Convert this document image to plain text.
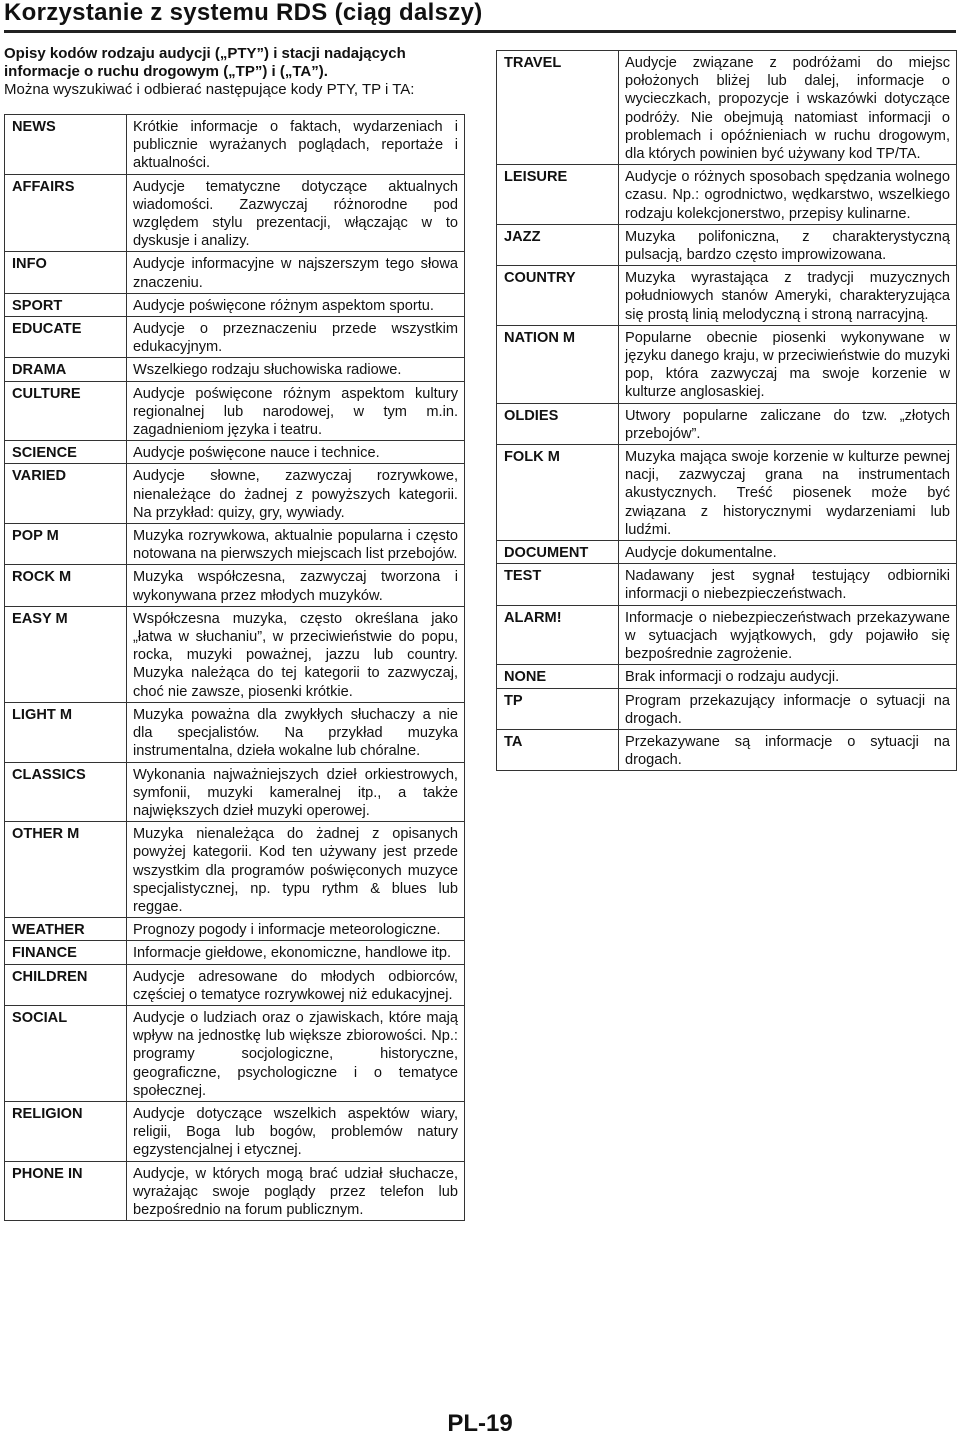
Korzystanie z systemu RDS (ciąg dalszy)
Opisy kodów rodzaju audycji („PTY”) i stacji nadających informacje o ruchu drogowym („TP”) i („TA”).
Można wyszukiwać i odbierać następujące kody PTY, TP i TA:
NEWS	Krótkie informacje o faktach, wydarzeniach i publicznie wyrażanych poglądach, reportaże i aktualności.
AFFAIRS	Audycje tematyczne dotyczące aktualnych wiadomości. Zazwyczaj różnorodne pod względem stylu prezentacji, włączając w to dyskusje i analizy.
INFO	Audycje informacyjne w najszerszym tego słowa znaczeniu.
SPORT	Audycje poświęcone różnym aspektom sportu.
EDUCATE	Audycje o przeznaczeniu przede wszystkim edukacyjnym.
DRAMA	Wszelkiego rodzaju słuchowiska radiowe.
CULTURE	Audycje poświęcone różnym aspektom kultury regionalnej lub narodowej, w tym m.in. zagadnieniom języka i teatru.
SCIENCE	Audycje poświęcone nauce i technice.
VARIED	Audycje słowne, zazwyczaj rozrywkowe, nienależące do żadnej z powyższych kategorii. Na przykład: quizy, gry, wywiady.
POP M	Muzyka rozrywkowa, aktualnie popularna i często notowana na pierwszych miejscach list przebojów.
ROCK M	Muzyka współczesna, zazwyczaj tworzona i wykonywana przez młodych muzyków.
EASY M	Współczesna muzyka, często określana jako „łatwa w słuchaniu”, w przeciwieństwie do popu, rocka, muzyki poważnej, jazzu lub country. Muzyka należąca do tej kategorii to zazwyczaj, choć nie zawsze, piosenki krótkie.
LIGHT M	Muzyka poważna dla zwykłych słuchaczy a nie dla specjalistów. Na przykład muzyka instrumentalna, dzieła wokalne lub chóralne.
CLASSICS	Wykonania najważniejszych dzieł orkiestrowych, symfonii, muzyki kameralnej itp., a także największych dzieł muzyki operowej.
OTHER M	Muzyka nienależąca do żadnej z opisanych powyżej kategorii. Kod ten używany jest przede wszystkim dla programów poświęconych muzyce specjalistycznej, np. typu rythm & blues lub reggae.
WEATHER	Prognozy pogody i informacje meteorologiczne.
FINANCE	Informacje giełdowe, ekonomiczne, handlowe itp.
CHILDREN	Audycje adresowane do młodych odbiorców, częściej o tematyce rozrywkowej niż edukacyjnej.
SOCIAL	Audycje o ludziach oraz o zjawiskach, które mają wpływ na jednostkę lub większe zbiorowości. Np.: programy socjologiczne, historyczne, geograficzne, psychologiczne i o tematyce społecznej.
RELIGION	Audycje dotyczące wszelkich aspektów wiary, religii, Boga lub bogów, problemów natury egzystencjalnej i etycznej.
PHONE IN	Audycje, w których mogą brać udział słuchacze, wyrażając swoje poglądy przez telefon lub bezpośrednio na forum publicznym.
TRAVEL	Audycje związane z podróżami do miejsc położonych bliżej lub dalej, informacje o wycieczkach, propozycje i wskazówki dotyczące podróży. Nie obejmują natomiast informacji o problemach i opóźnieniach w ruchu drogowym, dla których powinien być używany kod TP/TA.
LEISURE	Audycje o różnych sposobach spędzania wolnego czasu. Np.: ogrodnictwo, wędkarstwo, wszelkiego rodzaju kolekcjonerstwo, przepisy kulinarne.
JAZZ	Muzyka polifoniczna, z charakterystyczną pulsacją, bardzo często improwizowana.
COUNTRY	Muzyka wyrastająca z tradycji muzycznych południowych stanów Ameryki, charakteryzująca się prostą linią melodyczną i stroną narracyjną.
NATION M	Popularne obecnie piosenki wykonywane w języku danego kraju, w przeciwieństwie do muzyki pop, która zazwyczaj ma swoje korzenie w kulturze anglosaskiej.
OLDIES	Utwory popularne zaliczane do tzw. „złotych przebojów”.
FOLK M	Muzyka mająca swoje korzenie w kulturze pewnej nacji, zazwyczaj grana na instrumentach akustycznych. Treść piosenek może być związana z historycznymi wydarzeniami lub ludźmi.
DOCUMENT	Audycje dokumentalne.
TEST	Nadawany jest sygnał testujący odbiorniki informacji o niebezpieczeństwach.
ALARM!	Informacje o niebezpieczeństwach przekazywane w sytuacjach wyjątkowych, gdy pojawiło się bezpośrednie zagrożenie.
NONE	Brak informacji o rodzaju audycji.
TP	Program przekazujący informacje o sytuacji na drogach.
TA	Przekazywane są informacje o sytuacji na drogach.
PL-19
